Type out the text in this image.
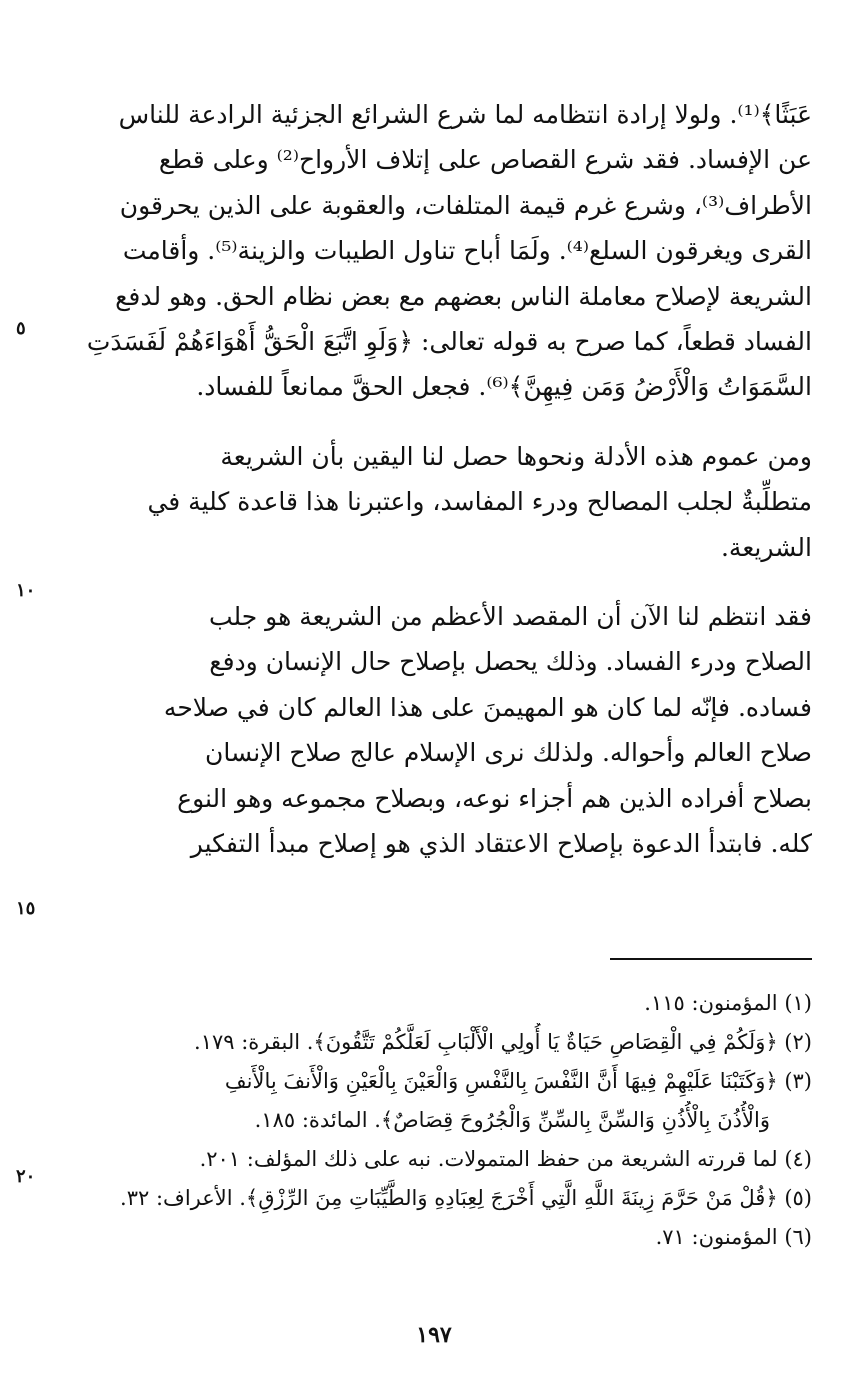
عَبَثًا﴾⁽¹⁾. ولولا إرادة انتظامه لما شرع الشرائع الجزئية الرادعة للناس
عن الإفساد. فقد شرع القصاص على إتلاف الأرواح⁽²⁾ وعلى قطع
الأطراف⁽³⁾، وشرع غرم قيمة المتلفات، والعقوبة على الذين يحرقون
القرى ويغرقون السلع⁽⁴⁾. ولَمَا أباح تناول الطيبات والزينة⁽⁵⁾. وأقامت
الشريعة لإصلاح معاملة الناس بعضهم مع بعض نظام الحق. وهو لدفع
الفساد قطعاً، كما صرح به قوله تعالى: ﴿وَلَوِ اتَّبَعَ الْحَقُّ أَهْوَاءَهُمْ لَفَسَدَتِ
السَّمَوَاتُ وَالْأَرْضُ وَمَن فِيهِنَّ﴾⁽⁶⁾. فجعل الحقَّ ممانعاً للفساد.

ومن عموم هذه الأدلة ونحوها حصل لنا اليقين بأن الشريعة
متطلِّبةٌ لجلب المصالح ودرء المفاسد، واعتبرنا هذا قاعدة كلية في
الشريعة.

فقد انتظم لنا الآن أن المقصد الأعظم من الشريعة هو جلب
الصلاح ودرء الفساد. وذلك يحصل بإصلاح حال الإنسان ودفع
فساده. فإنّه لما كان هو المهيمنَ على هذا العالم كان في صلاحه
صلاح العالم وأحواله. ولذلك نرى الإسلام عالج صلاح الإنسان
بصلاح أفراده الذين هم أجزاء نوعه، وبصلاح مجموعه وهو النوع
كله. فابتدأ الدعوة بإصلاح الاعتقاد الذي هو إصلاح مبدأ التفكير

٥
١٠
١٥
٢٠
(١) المؤمنون: ١١٥.
(٢) ﴿وَلَكُمْ فِي الْقِصَاصِ حَيَاةٌ يَا أُولِي الْأَلْبَابِ لَعَلَّكُمْ تَتَّقُونَ﴾. البقرة: ١٧٩.
(٣) ﴿وَكَتَبْنَا عَلَيْهِمْ فِيهَا أَنَّ النَّفْسَ بِالنَّفْسِ وَالْعَيْنَ بِالْعَيْنِ وَالْأَنفَ بِالْأَنفِ
وَالْأُذُنَ بِالْأُذُنِ وَالسِّنَّ بِالسِّنِّ وَالْجُرُوحَ قِصَاصٌ﴾. المائدة: ١٨٥.
(٤) لما قررته الشريعة من حفظ المتمولات. نبه على ذلك المؤلف: ٢٠١.
(٥) ﴿قُلْ مَنْ حَرَّمَ زِينَةَ اللَّهِ الَّتِي أَخْرَجَ لِعِبَادِهِ وَالطَّيِّبَاتِ مِنَ الرِّزْقِ﴾. الأعراف: ٣٢.
(٦) المؤمنون: ٧١.
١٩٧
